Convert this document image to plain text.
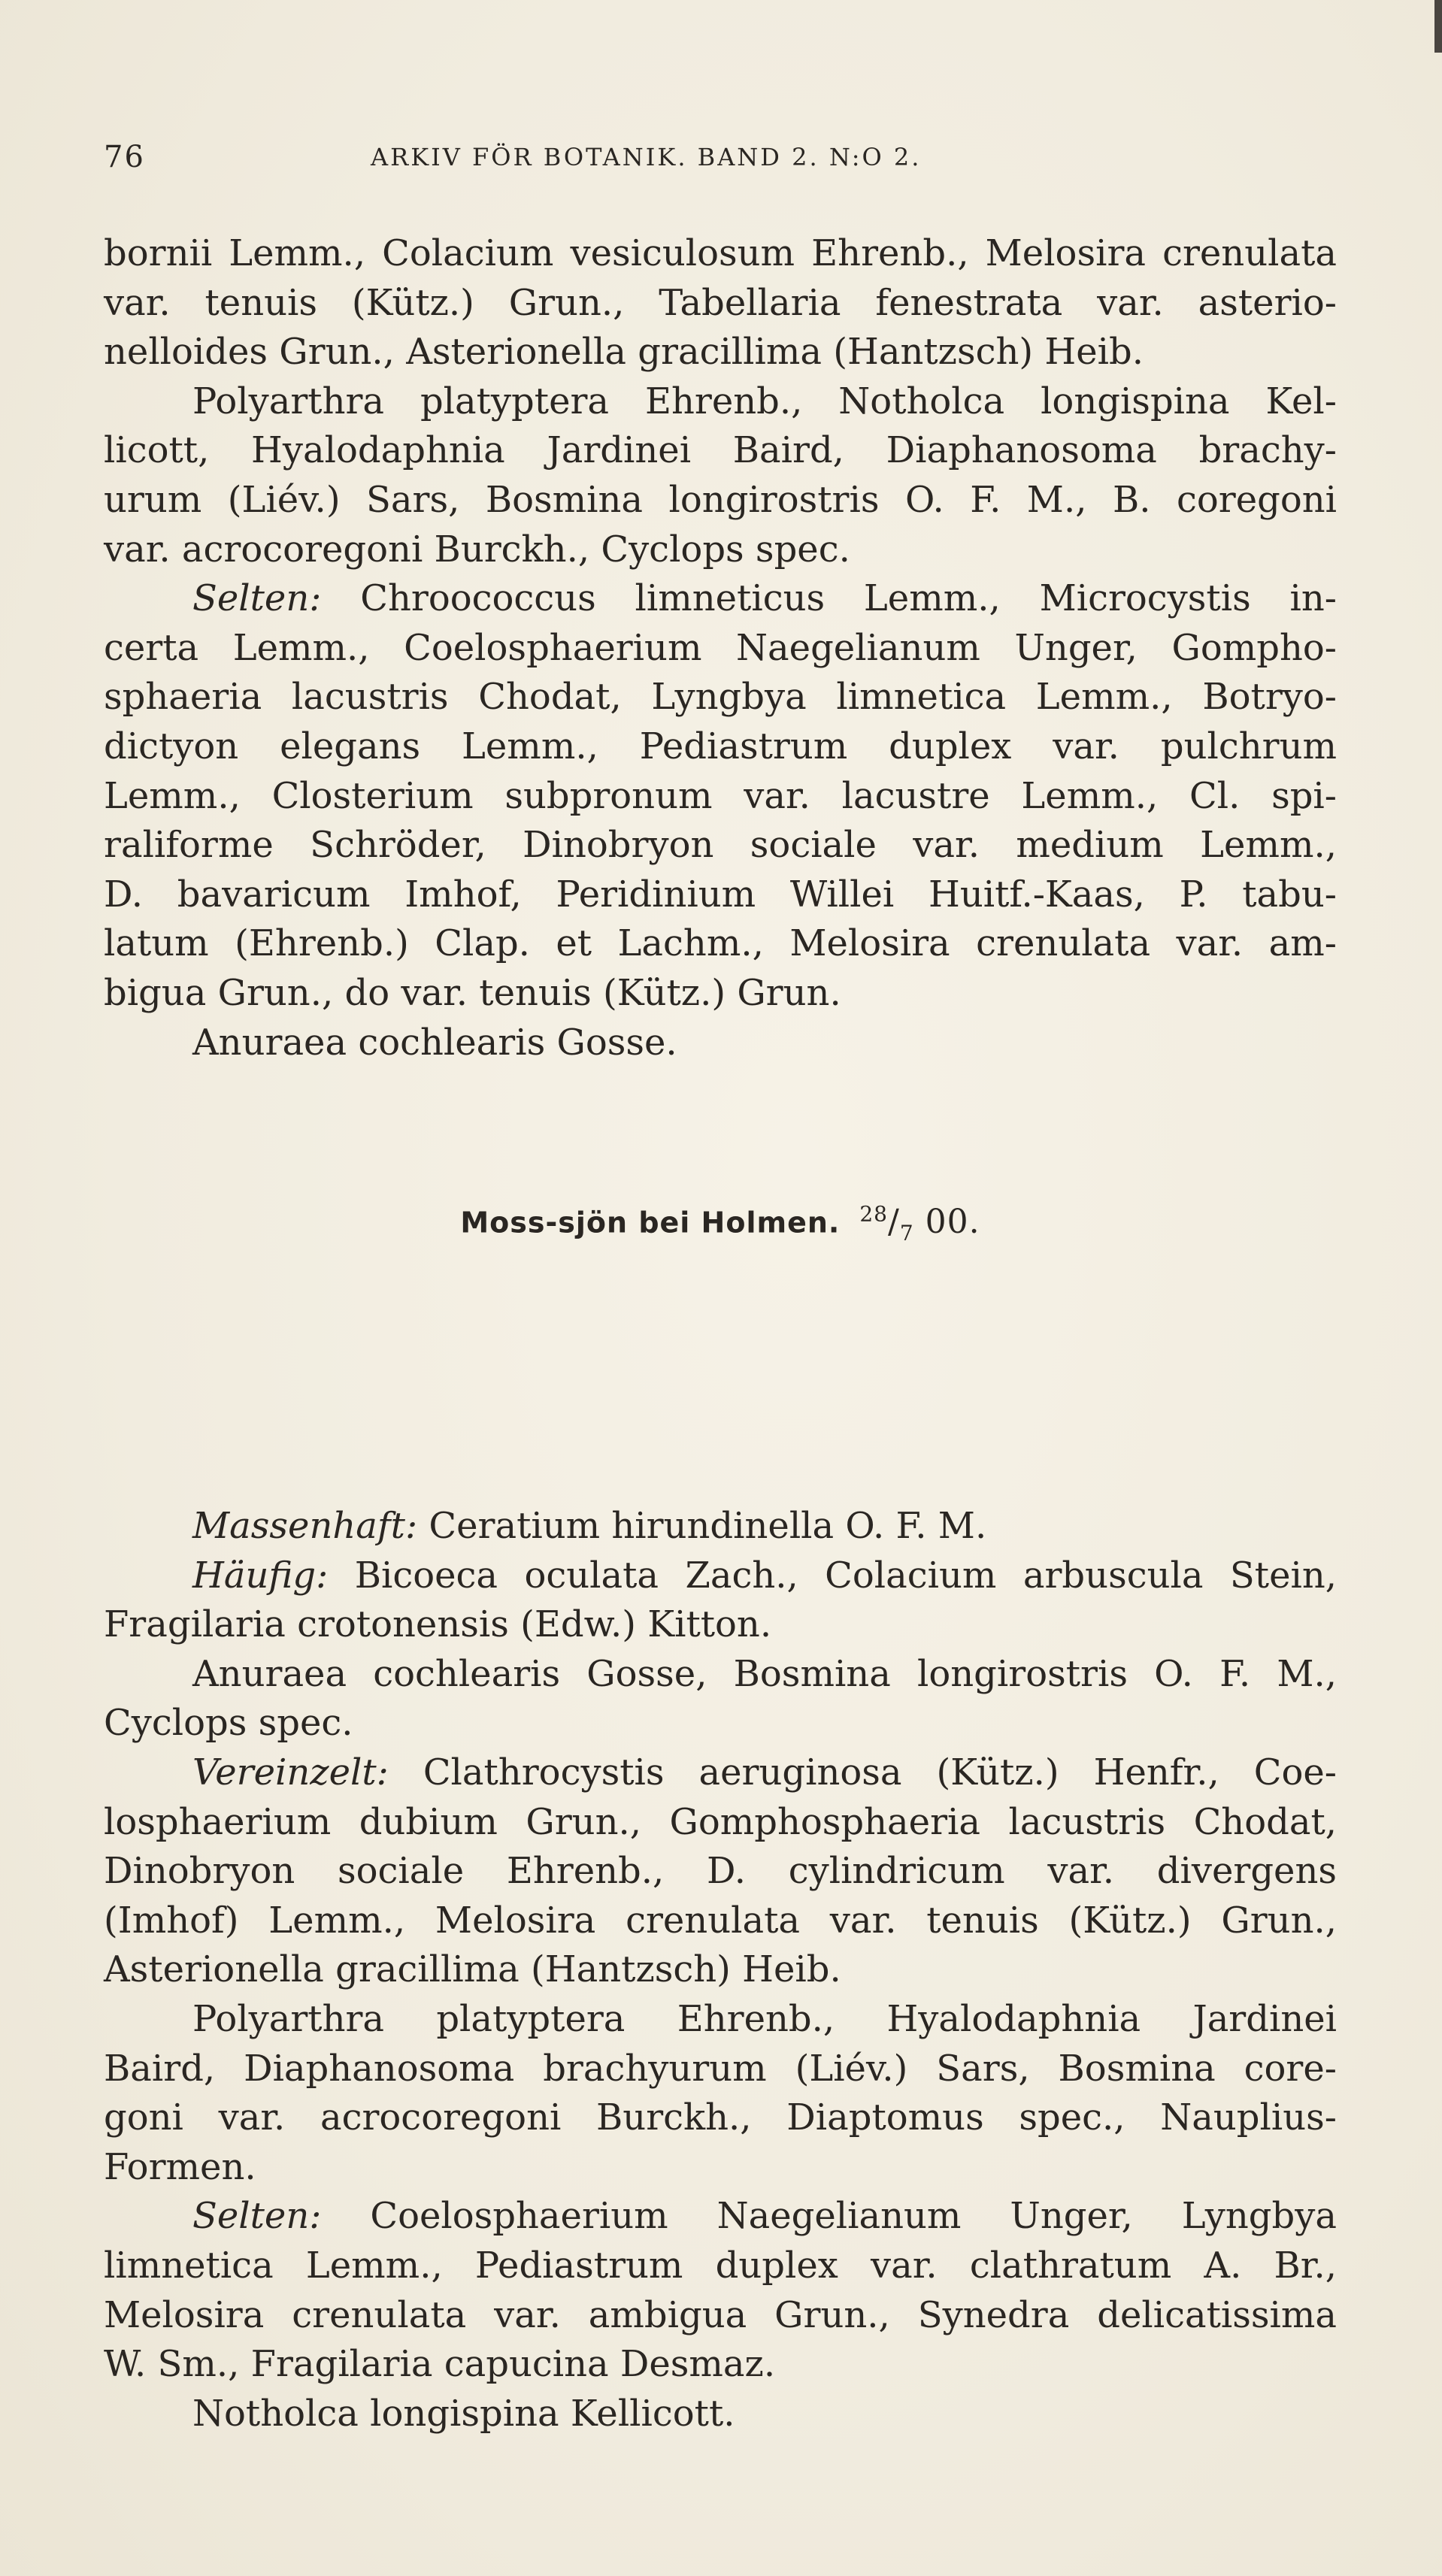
76	ARKIV FÖR BOTANIK. BAND 2. N:O 2.

bornii Lemm., Colacium vesiculosum Ehrenb., Melosira crenulata
var. tenuis (Kütz.) Grun., Tabellaria fenestrata var. asterio-
nelloides Grun., Asterionella gracillima (Hantzsch) Heib.

Polyarthra platyptera Ehrenb., Notholca longispina Kel-
licott, Hyalodaphnia Jardinei Baird, Diaphanosoma brachy-
urum (Liév.) Sars, Bosmina longirostris O. F. M., B. coregoni
var. acrocoregoni Burckh., Cyclops spec.

Selten: Chroococcus limneticus Lemm., Microcystis in-
certa Lemm., Coelosphaerium Naegelianum Unger, Gompho-
sphaeria lacustris Chodat, Lyngbya limnetica Lemm., Botryo-
dictyon elegans Lemm., Pediastrum duplex var. pulchrum
Lemm., Closterium subpronum var. lacustre Lemm., Cl. spi-
raliforme Schröder, Dinobryon sociale var. medium Lemm.,
D. bavaricum Imhof, Peridinium Willei Huitf.-Kaas, P. tabu-
latum (Ehrenb.) Clap. et Lachm., Melosira crenulata var. am-
bigua Grun., do var. tenuis (Kütz.) Grun.

Anuraea cochlearis Gosse.

Moss-sjön bei Holmen. $^{28}/_7$ 00.

Massenhaft: Ceratium hirundinella O. F. M.

Häufig: Bicoeca oculata Zach., Colacium arbuscula Stein,
Fragilaria crotonensis (Edw.) Kitton.

Anuraea cochlearis Gosse, Bosmina longirostris O. F. M.,
Cyclops spec.

Vereinzelt: Clathrocystis aeruginosa (Kütz.) Henfr., Coe-
losphaerium dubium Grun., Gomphosphaeria lacustris Chodat,
Dinobryon sociale Ehrenb., D. cylindricum var. divergens
(Imhof) Lemm., Melosira crenulata var. tenuis (Kütz.) Grun.,
Asterionella gracillima (Hantzsch) Heib.

Polyarthra platyptera Ehrenb., Hyalodaphnia Jardinei
Baird, Diaphanosoma brachyurum (Liév.) Sars, Bosmina core-
goni var. acrocoregoni Burckh., Diaptomus spec., Nauplius-
Formen.

Selten: Coelosphaerium Naegelianum Unger, Lyngbya
limnetica Lemm., Pediastrum duplex var. clathratum A. Br.,
Melosira crenulata var. ambigua Grun., Synedra delicatissima
W. Sm., Fragilaria capucina Desmaz.

Notholca longispina Kellicott.
